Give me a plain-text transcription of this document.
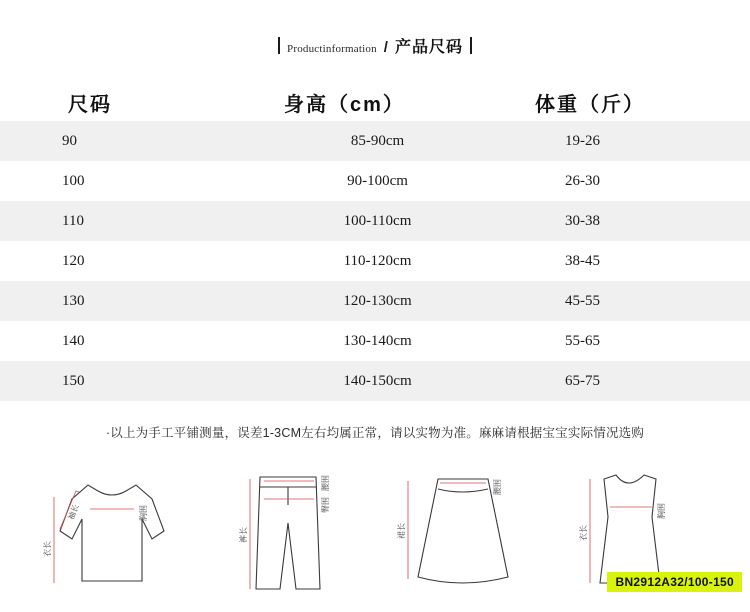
Productinformation / 产品尺码
尺码	身高（cm）	体重（斤）
90	85-90cm	19-26
100	90-100cm	26-30
110	100-110cm	30-38
120	110-120cm	38-45
130	120-130cm	45-55
140	130-140cm	55-65
150	140-150cm	65-75
·以上为手工平铺测量，误差1-3CM左右均属正常，请以实物为准。麻麻请根据宝宝实际情况选购
衣长
袖长	胸围
裤长
腰围
臀围
裙长
腰围
衣长
胸围
BN2912A32/100-150
